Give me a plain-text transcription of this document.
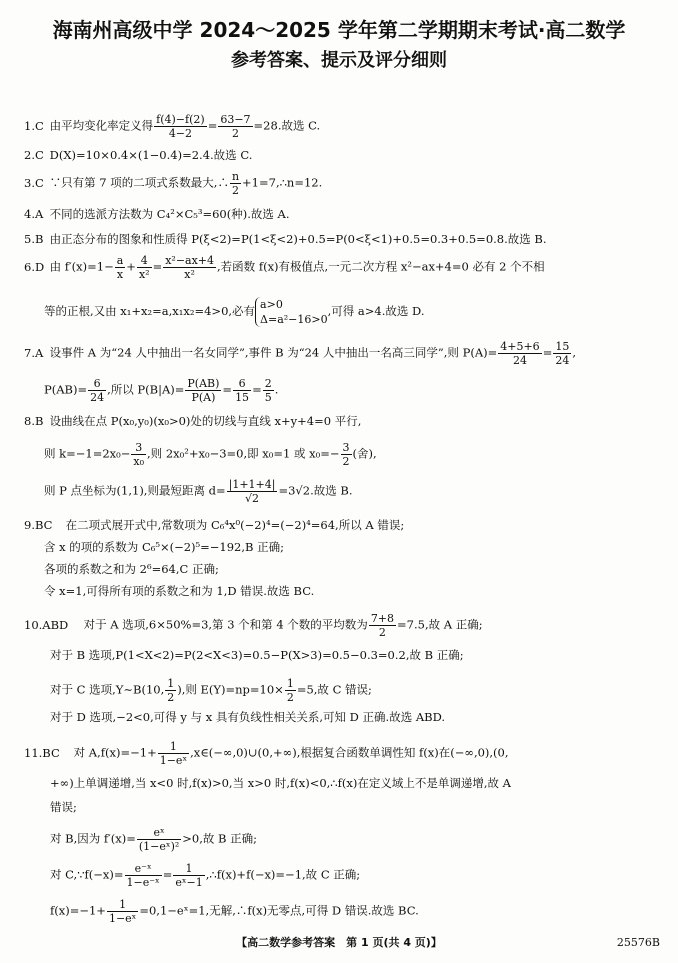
海南州高级中学 2024～2025 学年第二学期期末考试·高二数学
参考答案、提示及评分细则
1.C 由平均变化率定义得 $\frac{f(4)-f(2)}{4-2} = \frac{63-7}{2} =28$.故选 C.
2.C D(X)=10×0.4×(1−0.4)=2.4.故选 C.
3.C ∵只有第 7 项的二项式系数最大,∴ $\frac{n}{2}$ +1=7,∴n=12.
4.A 不同的选派方法数为 C₄²×C₅³=60(种).故选 A.
5.B 由正态分布的图象和性质得 P(ξ<2)=P(1<ξ<2)+0.5=P(0<ξ<1)+0.5=0.3+0.5=0.8.故选 B.
6.D 由 $f'(x)=1- \frac{a}{x} + \frac{4}{\text{x²}} = \frac{\text{x²−ax+4}}{\text{x²}}$ ,若函数 f(x)有极值点,一元二次方程 x²−ax+4=0 必有 2 个不相
等的正根,又由 x₁+x₂=a,x₁x₂=4>0,必有 a>0
Δ=a²−16>0
,可得 a>4.故选 D.
7.A 设事件 A 为“24 人中抽出一名女同学”,事件 B 为“24 人中抽出一名高三同学”,则 $P(A)= \frac{4+5+6}{24} = \frac{15}{24}$ ,
$P(AB)= \frac{6}{24}$ ,所以 $P(B|A)= \frac{P(AB)}{P(A)} = \frac{6}{15} = \frac{2}{5}$ .
8.B 设曲线在点 P(x₀,y₀)(x₀>0)处的切线与直线 x+y+4=0 平行,
则 $k=-1=2x_0- \frac{3}{\text{x₀}}$ ,则 2x₀²+x₀−3=0,即 x₀=1 或 $x_0=- \frac{3}{2}$ (舍),
则 P 点坐标为(1,1),则最短距离 $d= \frac{|1+1+4|}{√2} =3√2$.故选 B.
9.BC 在二项式展开式中,常数项为 C₆⁴x⁰(−2)⁴=(−2)⁴=64,所以 A 错误;
含 x 的项的系数为 C₆⁵×(−2)⁵=−192,B 正确;
各项的系数之和为 2⁶=64,C 正确;
令 x=1,可得所有项的系数之和为 1,D 错误.故选 BC.
10.ABD 对于 A 选项,6×50%=3,第 3 个和第 4 个数的平均数为 $\frac{7+8}{2} =7.5$,故 A 正确;
对于 B 选项,P(1<X<2)=P(2<X<3)=0.5−P(X>3)=0.5−0.3=0.2,故 B 正确;
对于 C 选项,Y∼B(10, $\frac{1}{2}$ ),则 $E(Y)=np=10\times \frac{1}{2} =5$,故 C 错误;
对于 D 选项,−2<0,可得 y 与 x 具有负线性相关关系,可知 D 正确.故选 ABD.
11.BC 对 $A,f(x)=-1+ \frac{1}{\text{1−eˣ}}$ ,x∈(−∞,0)∪(0,+∞),根据复合函数单调性知 f(x)在(−∞,0),(0,
+∞)上单调递增,当 x<0 时,f(x)>0,当 x>0 时,f(x)<0,∴f(x)在定义域上不是单调递增,故 A
错误;
对 B,因为 $f'(x)= \frac{\text{eˣ}}{\text{(1−eˣ)²}} >0$,故 B 正确;
对 C,∵f(−x)= $\frac{\text{e⁻ˣ}}{\text{1−e⁻ˣ}} = \frac{1}{\text{eˣ−1}}$ ,∴f(x)+f(−x)=−1,故 C 正确;
$f(x)=-1+ \frac{1}{\text{1−eˣ}}$ =0,1−eˣ=1,无解,∴f(x)无零点,可得 D 错误.故选 BC.
【高二数学参考答案　第 1 页(共 4 页)】	25576B
